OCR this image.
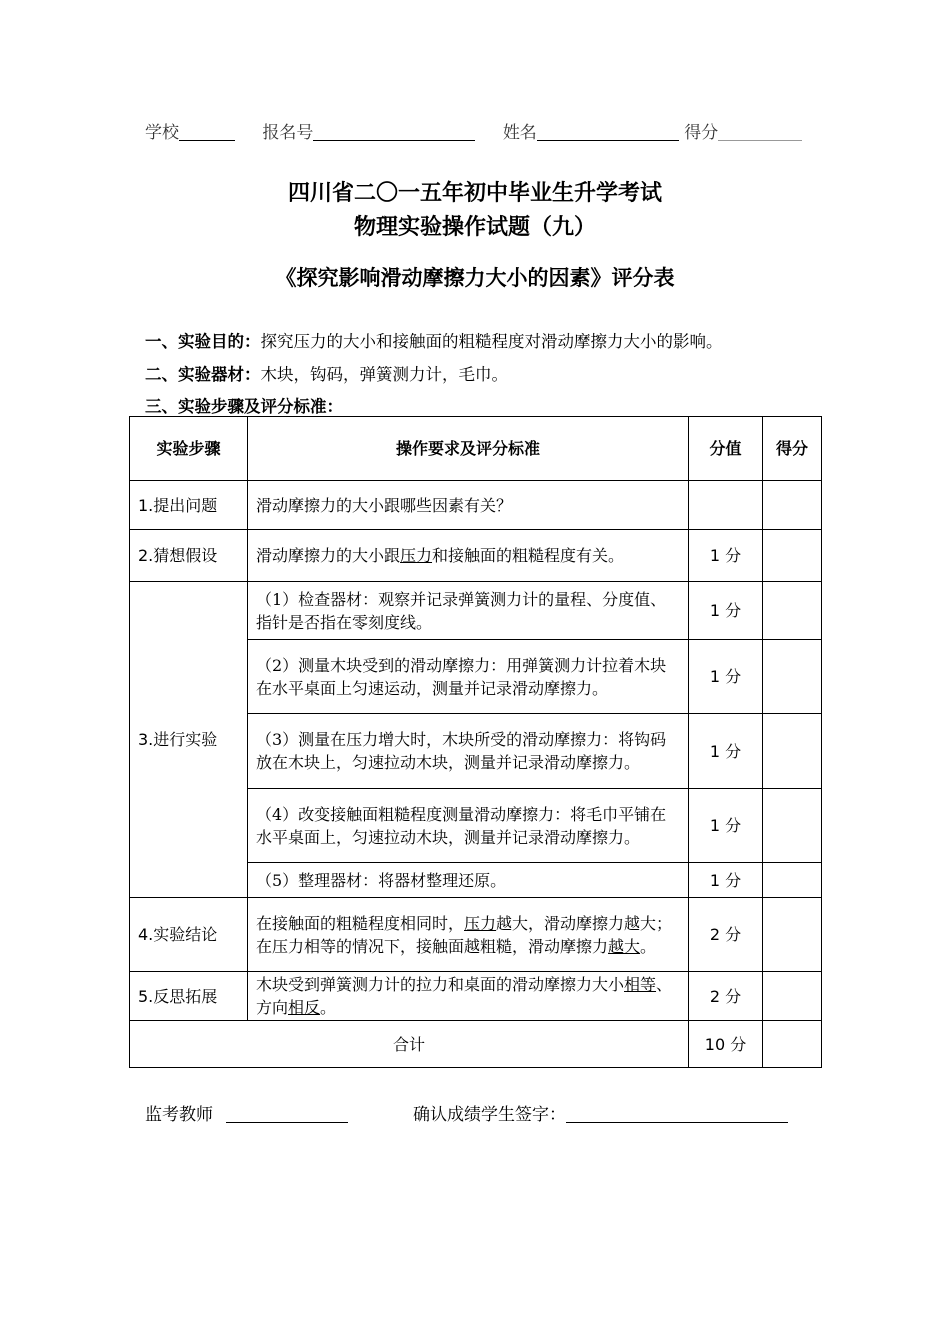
学校	报名号	姓名	得分
四川省二〇一五年初中毕业生升学考试
物理实验操作试题（九）
《探究影响滑动摩擦力大小的因素》评分表
一、实验目的：探究压力的大小和接触面的粗糙程度对滑动摩擦力大小的影响。
二、实验器材：木块，钩码，弹簧测力计，毛巾。
三、实验步骤及评分标准：
实验步骤	操作要求及评分标准	分值	得分
1.提出问题	滑动摩擦力的大小跟哪些因素有关？		
2.猜想假设	滑动摩擦力的大小跟压力和接触面的粗糙程度有关。	1 分	
3.进行实验	（1）检查器材：观察并记录弹簧测力计的量程、分度值、指针是否指在零刻度线。	1 分	
	（2）测量木块受到的滑动摩擦力：用弹簧测力计拉着木块在水平桌面上匀速运动，测量并记录滑动摩擦力。	1 分	
	（3）测量在压力增大时，木块所受的滑动摩擦力：将钩码放在木块上，匀速拉动木块，测量并记录滑动摩擦力。	1 分	
	（4）改变接触面粗糙程度测量滑动摩擦力：将毛巾平铺在水平桌面上，匀速拉动木块，测量并记录滑动摩擦力。	1 分	
	（5）整理器材：将器材整理还原。	1 分	
4.实验结论	在接触面的粗糙程度相同时，压力越大，滑动摩擦力越大；在压力相等的情况下，接触面越粗糙，滑动摩擦力越大。	2 分	
5.反思拓展	木块受到弹簧测力计的拉力和桌面的滑动摩擦力大小相等、方向相反。	2 分	
合计		10 分	
监考教师	确认成绩学生签字：
